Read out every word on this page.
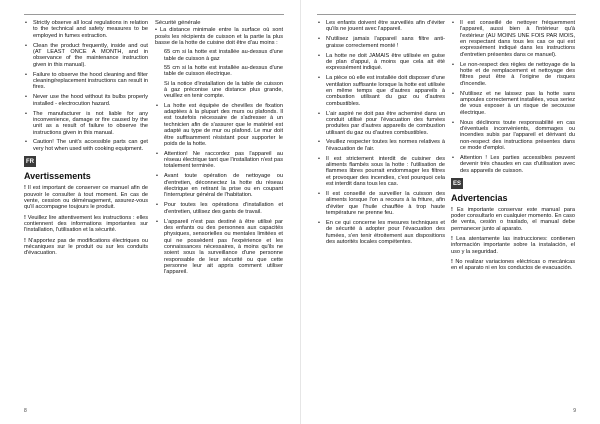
• Strictly observe all local regulations in relation to the technical and safety measures to be employed in fumes extraction.
• Clean the product frequently, inside and out (AT LEAST ONCE A MONTH, and in observance of the maintenance instruction given in this manual).
• Failure to observe the hood cleaning and filter cleaning/replacement instructions can result in fires.
• Never use the hood without its bulbs properly installed - electrocution hazard.
• The manufacturer is not liable for any inconvenience, damage or fire caused by the unit as a result of failure to observe the instructions given in this manual.
• Caution! The unit's accessible parts can get very hot when used with cooking equipment.
FR

Avertissements

! Il est important de conserver ce manuel afin de pouvoir le consulter à tout moment. En cas de vente, cession ou déménagement, assurez-vous qu'il accompagne toujours le produit.

! Veuillez lire attentivement les instructions : elles contiennent des informations importantes sur l'installation, l'utilisation et la sécurité.

! N'apportez pas de modifications électriques ou mécaniques sur le produit ou sur les conduits d'évacuation.

Sécurité générale

• La distance minimale entre la surface où sont posés les récipients de cuisson et la partie la plus basse de la hotte de cuisine doit être d'au moins :

65 cm si la hotte est installée au-dessus d'une table de cuisson à gaz

55 cm si la hotte est installée au-dessus d'une table de cuisson électrique.

Si la notice d'installation de la table de cuisson à gaz préconise une distance plus grande, veuillez en tenir compte.

• La hotte est équipée de chevilles de fixation adaptées à la plupart des murs ou plafonds. Il est toutefois nécessaire de s'adresser à un technicien afin de s'assurer que le matériel est adapté au type de mur ou plafond. Le mur doit être suffisamment résistant pour supporter le poids de la hotte.
• Attention! Ne raccordez pas l'appareil au réseau électrique tant que l'installation n'est pas totalement terminée.
• Avant toute opération de nettoyage ou d'entretien, déconnectez la hotte du réseau électrique en retirant la prise ou en coupant l'interrupteur général de l'habitation.
• Pour toutes les opérations d'installation et d'entretien, utilisez des gants de travail.
• L'appareil n'est pas destiné à être utilisé par des enfants ou des personnes aux capacités physiques, sensorielles ou mentales limitées et qui ne possèdent pas l'expérience et les connaissances nécessaires, à moins qu'ils ne soient sous la surveillance d'une personne responsable de leur sécurité ou que cette personne leur ait appris comment utiliser l'appareil.
8
• Les enfants doivent être surveillés afin d'éviter qu'ils ne jouent avec l'appareil.
• N'utilisez jamais l'appareil sans filtre anti-graisse correctement monté !
• La hotte ne doit JAMAIS être utilisée en guise de plan d'appui, à moins que cela ait été expressément indiqué.
• La pièce où elle est installée doit disposer d'une ventilation suffisante lorsque la hotte est utilisée en même temps que d'autres appareils à combustion utilisant du gaz ou d'autres combustibles.
• L'air aspiré ne doit pas être acheminé dans un conduit utilisé pour l'évacuation des fumées produites par d'autres appareils de combustion utilisant du gaz ou d'autres combustibles.
• Veuillez respecter toutes les normes relatives à l'évacuation de l'air.
• Il est strictement interdit de cuisiner des aliments flambés sous la hotte : l'utilisation de flammes libres pourrait endommager les filtres et provoquer des incendies, c'est pourquoi cela est interdit dans tous les cas.
• Il est conseillé de surveiller la cuisson des aliments lorsque l'on a recours à la friture, afin d'éviter que l'huile chauffée à trop haute température ne prenne feu.
• En ce qui concerne les mesures techniques et de sécurité à adopter pour l'évacuation des fumées, s'en tenir étroitement aux dispositions des autorités locales compétentes.
• Il est conseillé de nettoyer fréquemment l'appareil, aussi bien à l'intérieur qu'à l'extérieur (AU MOINS UNE FOIS PAR MOIS, en respectant dans tous les cas ce qui est expressément indiqué dans les instructions d'entretien présentes dans ce manuel).
• Le non-respect des règles de nettoyage de la hotte et de remplacement et nettoyage des filtres peut être à l'origine de risques d'incendie.
• N'utilisez et ne laissez pas la hotte sans ampoules correctement installées, vous seriez de vous exposer à un risque de secousse électrique.
• Nous déclinons toute responsabilité en cas d'éventuels inconvénients, dommages ou incendies subis par l'appareil et dérivant du non-respect des instructions présentes dans ce mode d'emploi.
• Attention ! Les parties accessibles peuvent devenir très chaudes en cas d'utilisation avec des appareils de cuisson.
ES

Advertencias

! Es importante conservar este manual para poder consultarlo en cualquier momento. En caso de venta, cesión o traslado, el manual debe permanecer junto al aparato.

! Lea atentamente las instrucciones: contienen información importante sobre la instalación, el uso y la seguridad.

! No realizar variaciones eléctricas o mecánicas en el aparato ni en los conductos de evacuación.

9
